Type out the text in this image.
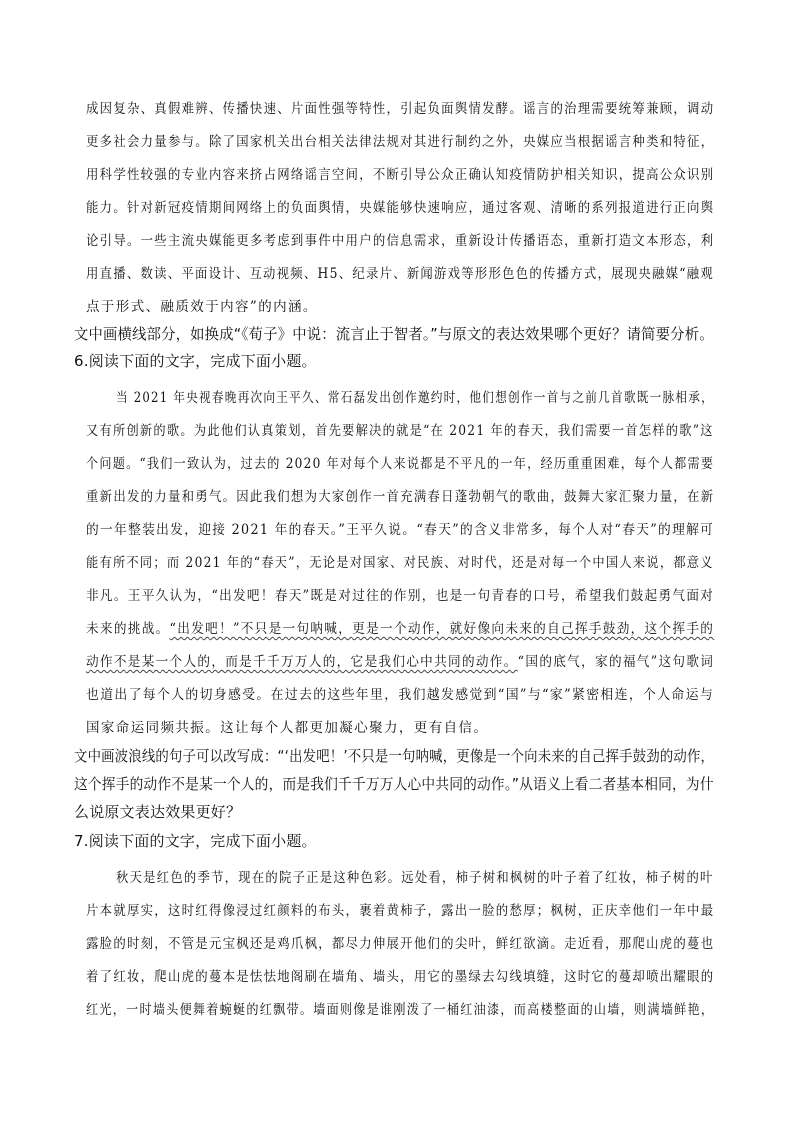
成因复杂、真假难辨、传播快速、片面性强等特性，引起负面舆情发酵。谣言的治理需要统筹兼顾，调动
更多社会力量参与。除了国家机关出台相关法律法规对其进行制约之外，央媒应当根据谣言种类和特征，
用科学性较强的专业内容来挤占网络谣言空间，不断引导公众正确认知疫情防护相关知识，提高公众识别
能力。针对新冠疫情期间网络上的负面舆情，央媒能够快速响应，通过客观、清晰的系列报道进行正向舆
论引导。一些主流央媒能更多考虑到事件中用户的信息需求，重新设计传播语态，重新打造文本形态，利
用直播、数读、平面设计、互动视频、H5、纪录片、新闻游戏等形形色色的传播方式，展现央融媒“融观
点于形式、融质效于内容”的内涵。
文中画横线部分，如换成“《荀子》中说：流言止于智者。”与原文的表达效果哪个更好？请简要分析。
6.阅读下面的文字，完成下面小题。
当 2021 年央视春晚再次向王平久、常石磊发出创作邀约时，他们想创作一首与之前几首歌既一脉相承，
又有所创新的歌。为此他们认真策划，首先要解决的就是“在 2021 年的春天，我们需要一首怎样的歌”这
个问题。“我们一致认为，过去的 2020 年对每个人来说都是不平凡的一年，经历重重困难，每个人都需要
重新出发的力量和勇气。因此我们想为大家创作一首充满春日蓬勃朝气的歌曲，鼓舞大家汇聚力量，在新
的一年整装出发，迎接 2021 年的春天。”王平久说。“春天”的含义非常多，每个人对“春天”的理解可
能有所不同；而 2021 年的“春天”，无论是对国家、对民族、对时代，还是对每一个中国人来说，都意义
非凡。王平久认为，“出发吧！春天”既是对过往的作别，也是一句青春的口号，希望我们鼓起勇气面对
未来的挑战。“出发吧！”不只是一句呐喊，更是一个动作，就好像向未来的自己挥手鼓劲，这个挥手的
动作不是某一个人的，而是千千万万人的，它是我们心中共同的动作。“国的底气，家的福气”这句歌词
也道出了每个人的切身感受。在过去的这些年里，我们越发感觉到“国”与“家”紧密相连，个人命运与
国家命运同频共振。这让每个人都更加凝心聚力，更有自信。
文中画波浪线的句子可以改写成：“‘出发吧！’不只是一句呐喊，更像是一个向未来的自己挥手鼓劲的动作，
这个挥手的动作不是某一个人的，而是我们千千万万人心中共同的动作。”从语义上看二者基本相同，为什
么说原文表达效果更好？
7.阅读下面的文字，完成下面小题。
秋天是红色的季节，现在的院子正是这种色彩。远处看，柿子树和枫树的叶子着了红妆，柿子树的叶
片本就厚实，这时红得像浸过红颜料的布头，裹着黄柿子，露出一脸的愁厚；枫树，正庆幸他们一年中最
露脸的时刻，不管是元宝枫还是鸡爪枫，都尽力伸展开他们的尖叶，鲜红欲滴。走近看，那爬山虎的蔓也
着了红妆，爬山虎的蔓本是怯怯地阁刷在墙角、墙头，用它的墨绿去勾线填缝，这时它的蔓却喷出耀眼的
红光，一时墙头便舞着蜿蜒的红飘带。墙面则像是谁刚泼了一桶红油漆，而高楼整面的山墙，则满墙鲜艳，
